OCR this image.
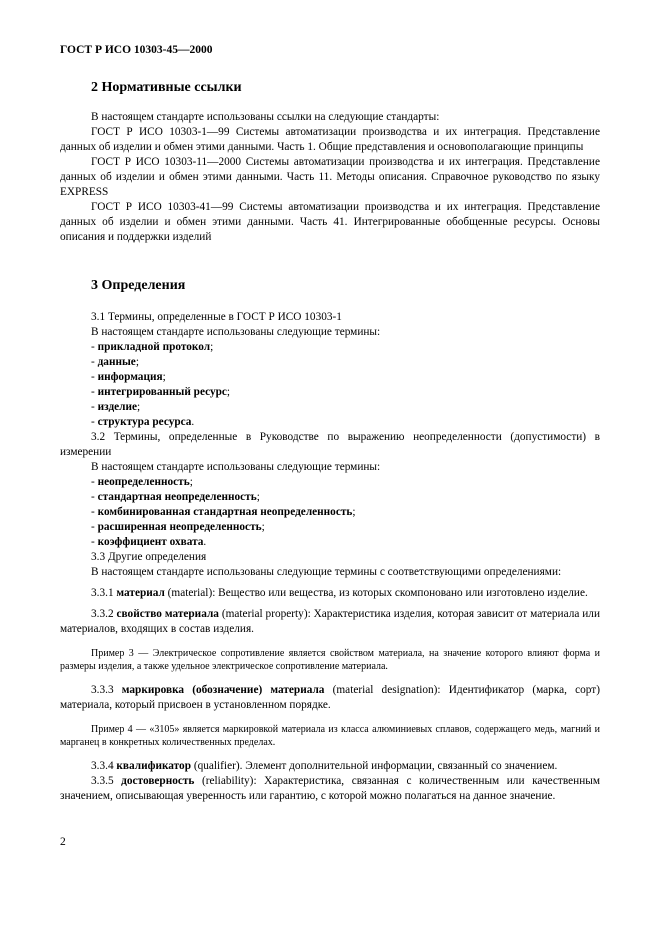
ГОСТ Р ИСО 10303-45—2000
2 Нормативные ссылки

В настоящем стандарте использованы ссылки на следующие стандарты:

ГОСТ Р ИСО 10303-1—99 Системы автоматизации производства и их интеграция. Представление данных об изделии и обмен этими данными. Часть 1. Общие представления и основополагающие принципы

ГОСТ Р ИСО 10303-11—2000 Системы автоматизации производства и их интеграция. Представление данных об изделии и обмен этими данными. Часть 11. Методы описания. Справочное руководство по языку EXPRESS

ГОСТ Р ИСО 10303-41—99 Системы автоматизации производства и их интеграция. Представление данных об изделии и обмен этими данными. Часть 41. Интегрированные обобщенные ресурсы. Основы описания и поддержки изделий

3 Определения

3.1 Термины, определенные в ГОСТ Р ИСО 10303-1

В настоящем стандарте использованы следующие термины:

- прикладной протокол;
- данные;
- информация;
- интегрированный ресурс;
- изделие;
- структура ресурса.

3.2 Термины, определенные в Руководстве по выражению неопределенности (допустимости) в измерении

В настоящем стандарте использованы следующие термины:

- неопределенность;
- стандартная неопределенность;
- комбинированная стандартная неопределенность;
- расширенная неопределенность;
- коэффициент охвата.

3.3 Другие определения

В настоящем стандарте использованы следующие термины с соответствующими определениями:

3.3.1 материал (material): Вещество или вещества, из которых скомпоновано или изготовлено изделие.

3.3.2 свойство материала (material property): Характеристика изделия, которая зависит от материала или материалов, входящих в состав изделия.

Пример 3 — Электрическое сопротивление является свойством материала, на значение которого влияют форма и размеры изделия, а также удельное электрическое сопротивление материала.

3.3.3 маркировка (обозначение) материала (material designation): Идентификатор (марка, сорт) материала, который присвоен в установленном порядке.

Пример 4 — «3105» является маркировкой материала из класса алюминиевых сплавов, содержащего медь, магний и марганец в конкретных количественных пределах.

3.3.4 квалификатор (qualifier). Элемент дополнительной информации, связанный со значением.

3.3.5 достоверность (reliability): Характеристика, связанная с количественным или качественным значением, описывающая уверенность или гарантию, с которой можно полагаться на данное значение.

2
